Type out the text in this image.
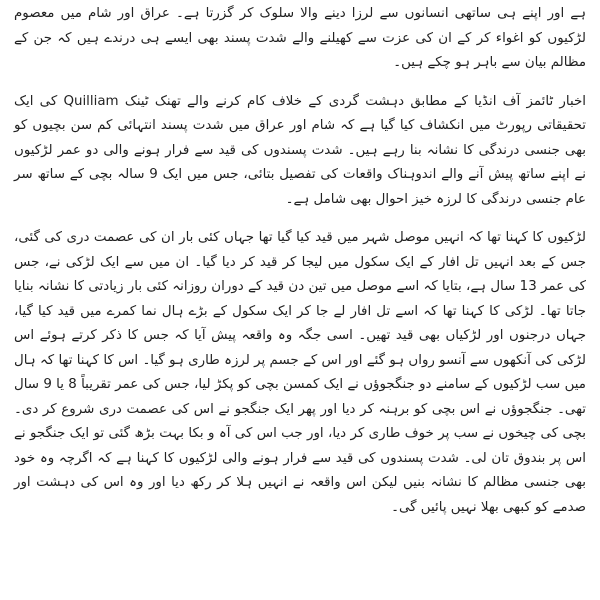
ہے اور اپنے ہی ساتھی انسانوں سے لرزا دینے والا سلوک کر گزرتا ہے۔ عراق اور شام میں معصوم لڑکیوں کو اغواء کر کے ان کی عزت سے کھیلنے والے شدت پسند بھی ایسے ہی درندے ہیں کہ جن کے مظالم بیان سے باہر ہو چکے ہیں۔

اخبار ٹائمز آف انڈیا کے مطابق دہشت گردی کے خلاف کام کرنے والے تھنک ٹینک Quilliam کی ایک تحقیقاتی رپورٹ میں انکشاف کیا گیا ہے کہ شام اور عراق میں شدت پسند انتہائی کم سن بچیوں کو بھی جنسی درندگی کا نشانہ بنا رہے ہیں۔ شدت پسندوں کی قید سے فرار ہونے والی دو عمر لڑکیوں نے اپنے ساتھ پیش آنے والے اندوہناک واقعات کی تفصیل بتائی، جس میں ایک 9 سالہ بچی کے ساتھ سر عام جنسی درندگی کا لرزہ خیز احوال بھی شامل ہے۔

لڑکیوں کا کہنا تھا کہ انہیں موصل شہر میں قید کیا گیا تھا جہاں کئی بار ان کی عصمت دری کی گئی، جس کے بعد انہیں تل افار کے ایک سکول میں لیجا کر قید کر دیا گیا۔ ان میں سے ایک لڑکی نے، جس کی عمر 13 سال ہے، بتایا کہ اسے موصل میں تین دن قید کے دوران روزانہ کئی بار زیادتی کا نشانہ بنایا جاتا تھا۔ لڑکی کا کہنا تھا کہ اسے تل افار لے جا کر ایک سکول کے بڑے ہال نما کمرے میں قید کیا گیا، جہاں درجنوں اور لڑکیاں بھی قید تھیں۔ اسی جگہ وہ واقعہ پیش آیا کہ جس کا ذکر کرتے ہوئے اس لڑکی کی آنکھوں سے آنسو رواں ہو گئے اور اس کے جسم پر لرزہ طاری ہو گیا۔ اس کا کہنا تھا کہ ہال میں سب لڑکیوں کے سامنے دو جنگجوؤں نے ایک کمسن بچی کو پکڑ لیا، جس کی عمر تقریباً 8 یا 9 سال تھی۔ جنگجوؤں نے اس بچی کو برہنہ کر دیا اور پھر ایک جنگجو نے اس کی عصمت دری شروع کر دی۔ بچی کی چیخوں نے سب پر خوف طاری کر دیا، اور جب اس کی آہ و بکا بہت بڑھ گئی تو ایک جنگجو نے اس پر بندوق تان لی۔ شدت پسندوں کی قید سے فرار ہونے والی لڑکیوں کا کہنا ہے کہ اگرچہ وہ خود بھی جنسی مظالم کا نشانہ بنیں لیکن اس واقعہ نے انہیں ہلا کر رکھ دیا اور وہ اس کی دہشت اور صدمے کو کبھی بھلا نہیں پائیں گی۔
